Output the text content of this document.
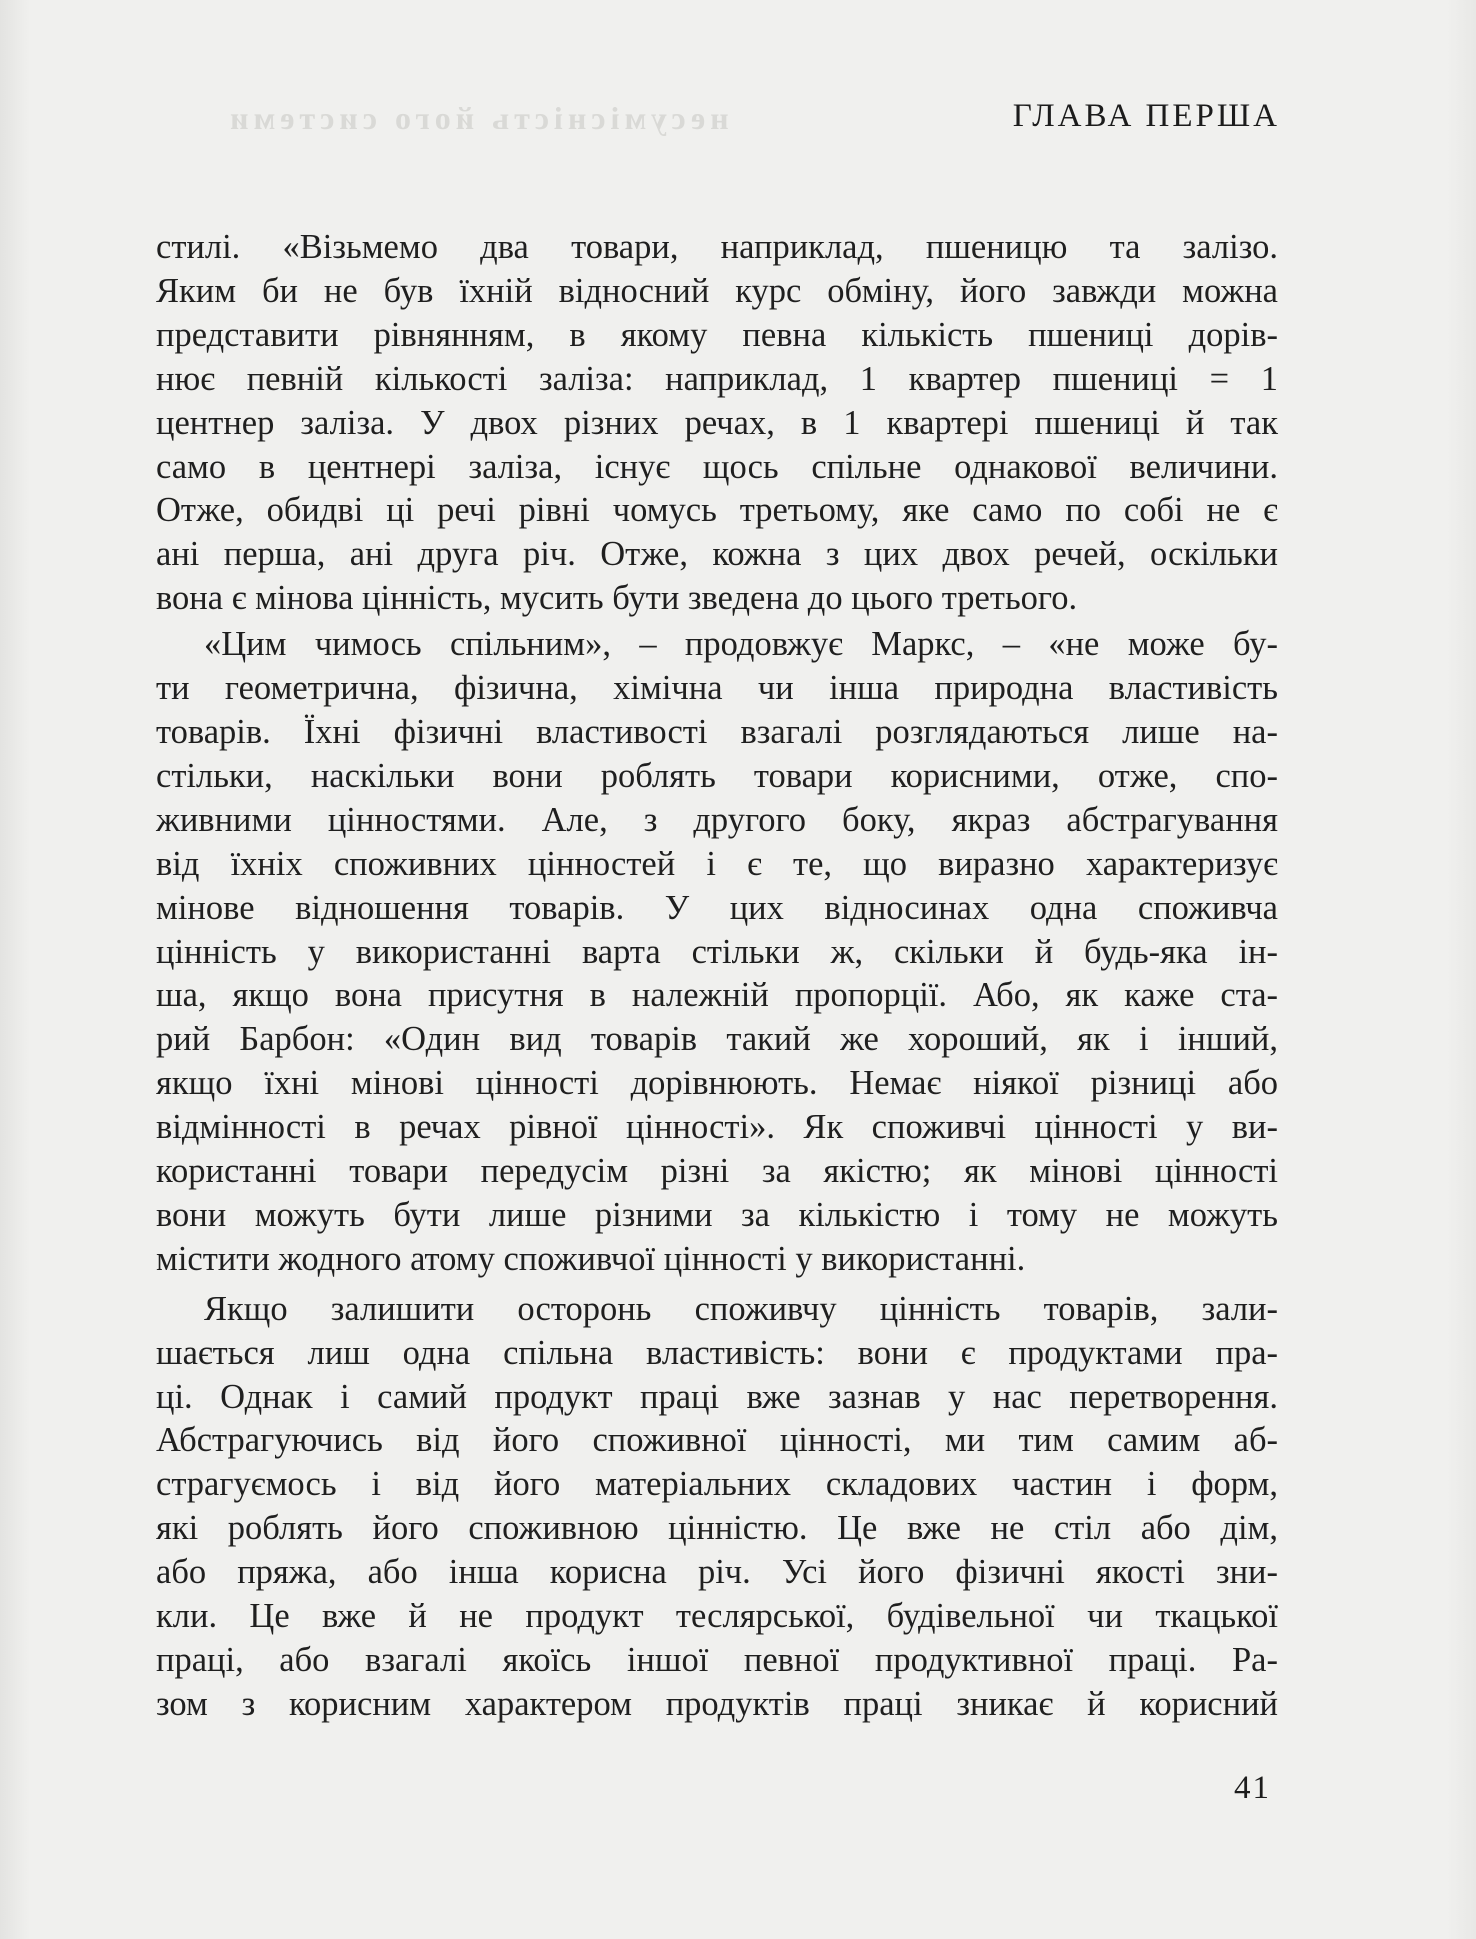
несумісність його системи	ГЛАВА ПЕРША

стилі. «Візьмемо два товари, наприклад, пшеницю та залізо.

Яким би не був їхній відносний курс обміну, його завжди можна

представити рівнянням, в якому певна кількість пшениці дорів-

нює певній кількості заліза: наприклад, 1 квартер пшениці = 1

центнер заліза. У двох різних речах, в 1 квартері пшениці й так

само в центнері заліза, існує щось спільне однакової величини.

Отже, обидві ці речі рівні чомусь третьому, яке само по собі не є

ані перша, ані друга річ. Отже, кожна з цих двох речей, оскільки

вона є мінова цінність, мусить бути зведена до цього третього.

«Цим чимось спільним», – продовжує Маркс, – «не може бу-

ти геометрична, фізична, хімічна чи інша природна властивість

товарів. Їхні фізичні властивості взагалі розглядаються лише на-

стільки, наскільки вони роблять товари корисними, отже, спо-

живними цінностями. Але, з другого боку, якраз абстрагування

від їхніх споживних цінностей і є те, що виразно характеризує

мінове відношення товарів. У цих відносинах одна споживча

цінність у використанні варта стільки ж, скільки й будь-яка ін-

ша, якщо вона присутня в належній пропорції. Або, як каже ста-

рий Барбон: «Один вид товарів такий же хороший, як і інший,

якщо їхні мінові цінності дорівнюють. Немає ніякої різниці або

відмінності в речах рівної цінності». Як споживчі цінності у ви-

користанні товари передусім різні за якістю; як мінові цінності

вони можуть бути лише різними за кількістю і тому не можуть

містити жодного атому споживчої цінності у використанні.

Якщо залишити осторонь споживчу цінність товарів, зали-

шається лиш одна спільна властивість: вони є продуктами пра-

ці. Однак і самий продукт праці вже зазнав у нас перетворення.

Абстрагуючись від його споживної цінності, ми тим самим аб-

страгуємось і від його матеріальних складових частин і форм,

які роблять його споживною цінністю. Це вже не стіл або дім,

або пряжа, або інша корисна річ. Усі його фізичні якості зни-

кли. Це вже й не продукт теслярської, будівельної чи ткацької

праці, або взагалі якоїсь іншої певної продуктивної праці. Ра-

зом з корисним характером продуктів праці зникає й корисний

41
